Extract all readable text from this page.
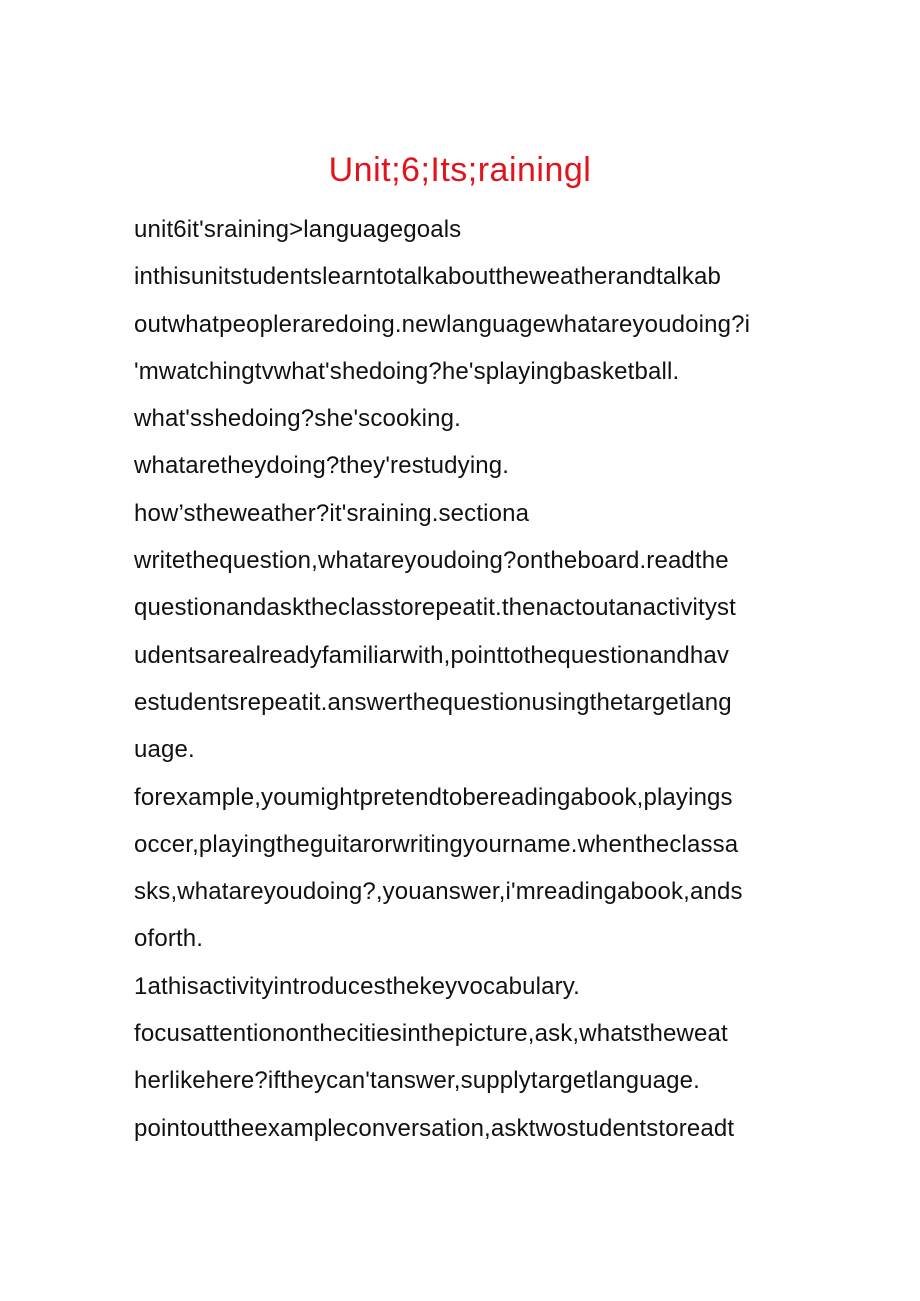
Unit;6;Its;raininɡl
unit6it'sraining>languagegoals
inthisunitstudentslearntotalkabouttheweatherandtalkab
outwhatpeopleraredoing.newlanguagewhatareyoudoing?i
'mwatchingtvwhat'shedoing?he'splayingbasketball.
what'sshedoing?she'scooking.
whataretheydoing?they'restudying.
how’stheweather?it'sraining.sectiona
writethequestion,whatareyoudoing?ontheboard.readthe
questionandasktheclasstorepeatit.thenactoutanactivityst
udentsarealreadyfamiliarwith,pointtothequestionandhav
estudentsrepeatit.answerthequestionusingthetargetlang
uage.
forexample,youmightpretendtobereadingabook,playings
occer,playingtheguitarorwritingyourname.whentheclassa
sks,whatareyoudoing?,youanswer,i'mreadingabook,ands
oforth.
1athisactivityintroducesthekeyvocabulary.
focusattentiononthecitiesinthepicture,ask,whatstheweat
herlikehere?iftheycan'tanswer,supplytargetlanguage.
pointouttheexampleconversation,asktwostudentstoreadt
